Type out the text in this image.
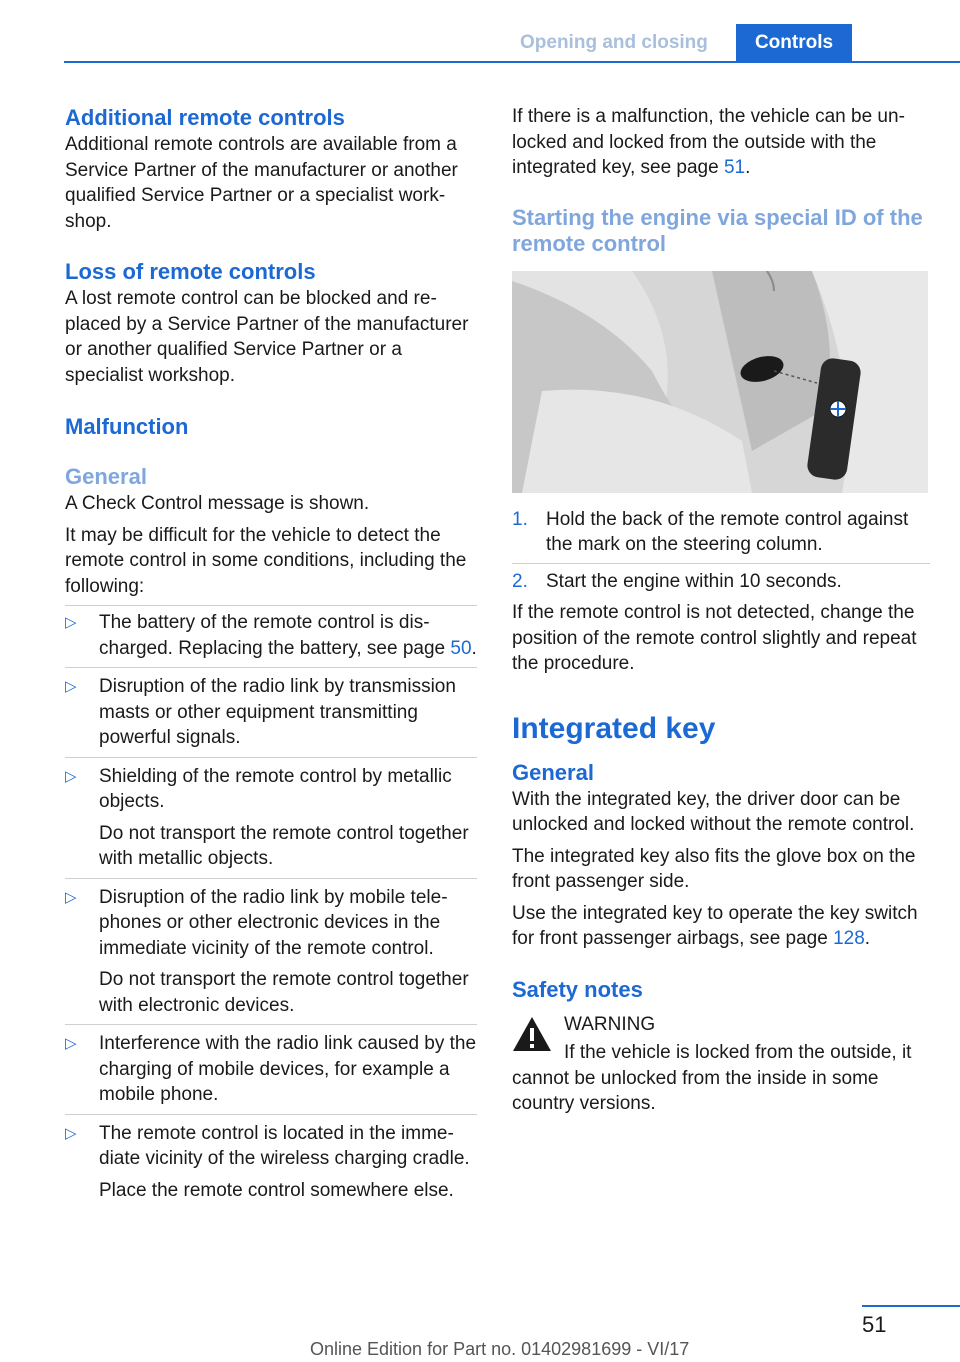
Opening and closing	Controls
Additional remote controls

Additional remote controls are available from a Service Partner of the manufacturer or another qualified Service Partner or a specialist workshop.

Loss of remote controls

A lost remote control can be blocked and replaced by a Service Partner of the manufacturer or another qualified Service Partner or a specialist workshop.

Malfunction
General

A Check Control message is shown.

It may be difficult for the vehicle to detect the remote control in some conditions, including the following:

▷ The battery of the remote control is discharged. Replacing the battery, see page 50.

▷ Disruption of the radio link by transmission masts or other equipment transmitting powerful signals.

▷ Shielding of the remote control by metallic objects.

Do not transport the remote control together with metallic objects.

▷ Disruption of the radio link by mobile telephones or other electronic devices in the immediate vicinity of the remote control.

Do not transport the remote control together with electronic devices.

▷ Interference with the radio link caused by the charging of mobile devices, for example a mobile phone.

▷ The remote control is located in the immediate vicinity of the wireless charging cradle.

Place the remote control somewhere else.

If there is a malfunction, the vehicle can be unlocked and locked from the outside with the integrated key, see page 51.

Starting the engine via special ID of the remote control
1. Hold the back of the remote control against the mark on the steering column.

2. Start the engine within 10 seconds.

If the remote control is not detected, change the position of the remote control slightly and repeat the procedure.

Integrated key
General

With the integrated key, the driver door can be unlocked and locked without the remote control.

The integrated key also fits the glove box on the front passenger side.

Use the integrated key to operate the key switch for front passenger airbags, see page 128.

Safety notes

WARNING

If the vehicle is locked from the outside, it

cannot be unlocked from the inside in some country versions.

51
Online Edition for Part no. 01402981699 - VI/17
